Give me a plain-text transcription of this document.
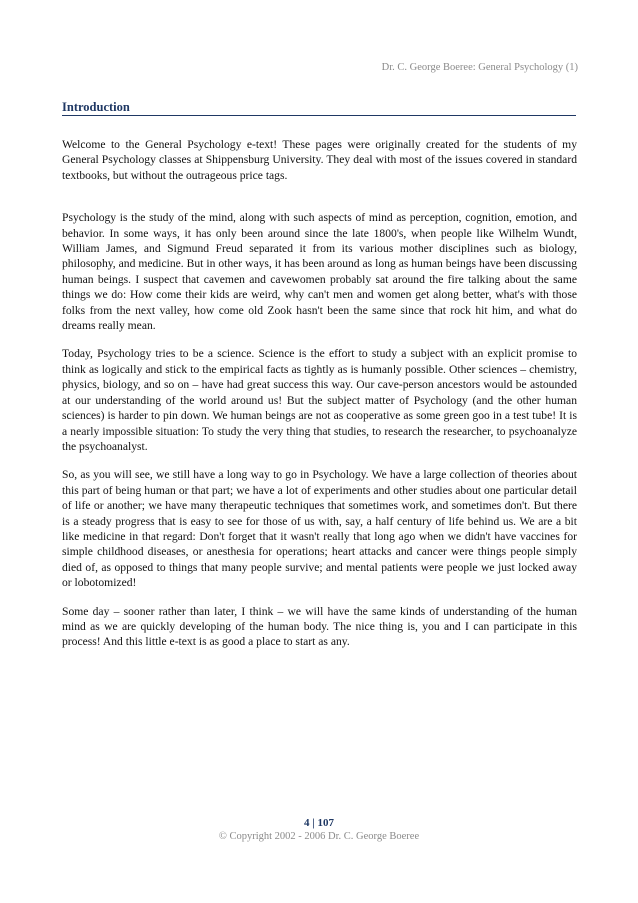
Dr. C. George Boeree: General Psychology (1)
Introduction

Welcome to the General Psychology e-text! These pages were originally created for the students of my General Psychology classes at Shippensburg University. They deal with most of the issues covered in standard textbooks, but without the outrageous price tags.

Psychology is the study of the mind, along with such aspects of mind as perception, cognition, emotion, and behavior. In some ways, it has only been around since the late 1800's, when people like Wilhelm Wundt, William James, and Sigmund Freud separated it from its various mother disciplines such as biology, philosophy, and medicine. But in other ways, it has been around as long as human beings have been discussing human beings. I suspect that cavemen and cavewomen probably sat around the fire talking about the same things we do: How come their kids are weird, why can't men and women get along better, what's with those folks from the next valley, how come old Zook hasn't been the same since that rock hit him, and what do dreams really mean.

Today, Psychology tries to be a science. Science is the effort to study a subject with an explicit promise to think as logically and stick to the empirical facts as tightly as is humanly possible. Other sciences – chemistry, physics, biology, and so on – have had great success this way. Our cave-person ancestors would be astounded at our understanding of the world around us! But the subject matter of Psychology (and the other human sciences) is harder to pin down. We human beings are not as cooperative as some green goo in a test tube! It is a nearly impossible situation: To study the very thing that studies, to research the researcher, to psychoanalyze the psychoanalyst.

So, as you will see, we still have a long way to go in Psychology. We have a large collection of theories about this part of being human or that part; we have a lot of experiments and other studies about one particular detail of life or another; we have many therapeutic techniques that sometimes work, and sometimes don't. But there is a steady progress that is easy to see for those of us with, say, a half century of life behind us. We are a bit like medicine in that regard: Don't forget that it wasn't really that long ago when we didn't have vaccines for simple childhood diseases, or anesthesia for operations; heart attacks and cancer were things people simply died of, as opposed to things that many people survive; and mental patients were people we just locked away or lobotomized!

Some day – sooner rather than later, I think – we will have the same kinds of understanding of the human mind as we are quickly developing of the human body. The nice thing is, you and I can participate in this process! And this little e-text is as good a place to start as any.

4 | 107
© Copyright 2002 - 2006 Dr. C. George Boeree
